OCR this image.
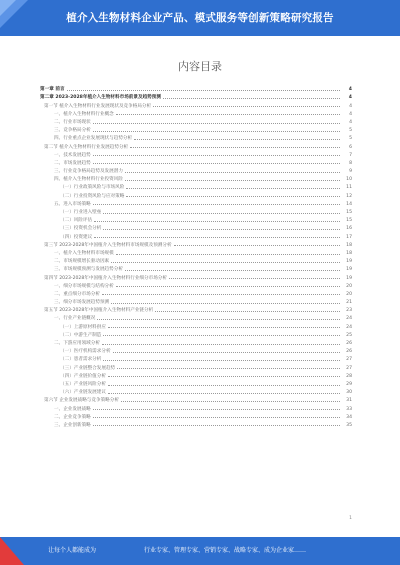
植介入生物材料企业产品、模式服务等创新策略研究报告
内容目录
第一章 前言	4
第二章 2023-2028年植介入生物材料市场前景及趋势预测	4
第一节 植介入生物材料行业发展现状及竞争格局分析	4
一、植介入生物材料行业概念	4
二、行业市场现状	4
三、竞争格局分析	5
四、行业重点企业发展现状与趋势分析	5
第二节 植介入生物材料行业发展趋势分析	6
一、技术发展趋势	7
二、市场发展趋势	8
三、行业竞争格局趋势及发展潜力	9
四、植介入生物材料行业投资风险	10
（一）行业政策风险与市场风险	11
（二）行业投资风险与应对策略	12
五、进入市场策略	14
（一）行业进入壁垒	15
（二）风险评估	15
（三）投资机会分析	16
（四）投资建议	17
第三节 2023-2028年中国植介入生物材料市场规模及预测分析	18
一、植介入生物材料市场规模	18
二、市场规模增长驱动因素	19
三、市场规模预测与发展趋势分析	19
第四节 2023-2028年中国植介入生物材料行业细分市场分析	19
一、细分市场规模与结构分析	20
二、重点细分市场分析	20
三、细分市场发展趋势预测	21
第五节 2023-2028年中国植介入生物材料产业链分析	23
一、行业产业链概况	24
（一）上游原材料供应	24
（二）中游生产制造	25
二、下游应用领域分析	26
（一）医疗机构需求分析	26
（二）患者需求分析	27
（三）产业链整合发展趋势	27
（四）产业链价值分析	28
（五）产业链风险分析	29
（六）产业链发展建议	30
第六节 企业发展战略与竞争策略分析	31
一、企业发展战略	33
二、企业竞争策略	34
三、企业创新策略	35
1
让每个人都能成为	行业专家、管理专家、营销专家、战略专家、成为企业家……
